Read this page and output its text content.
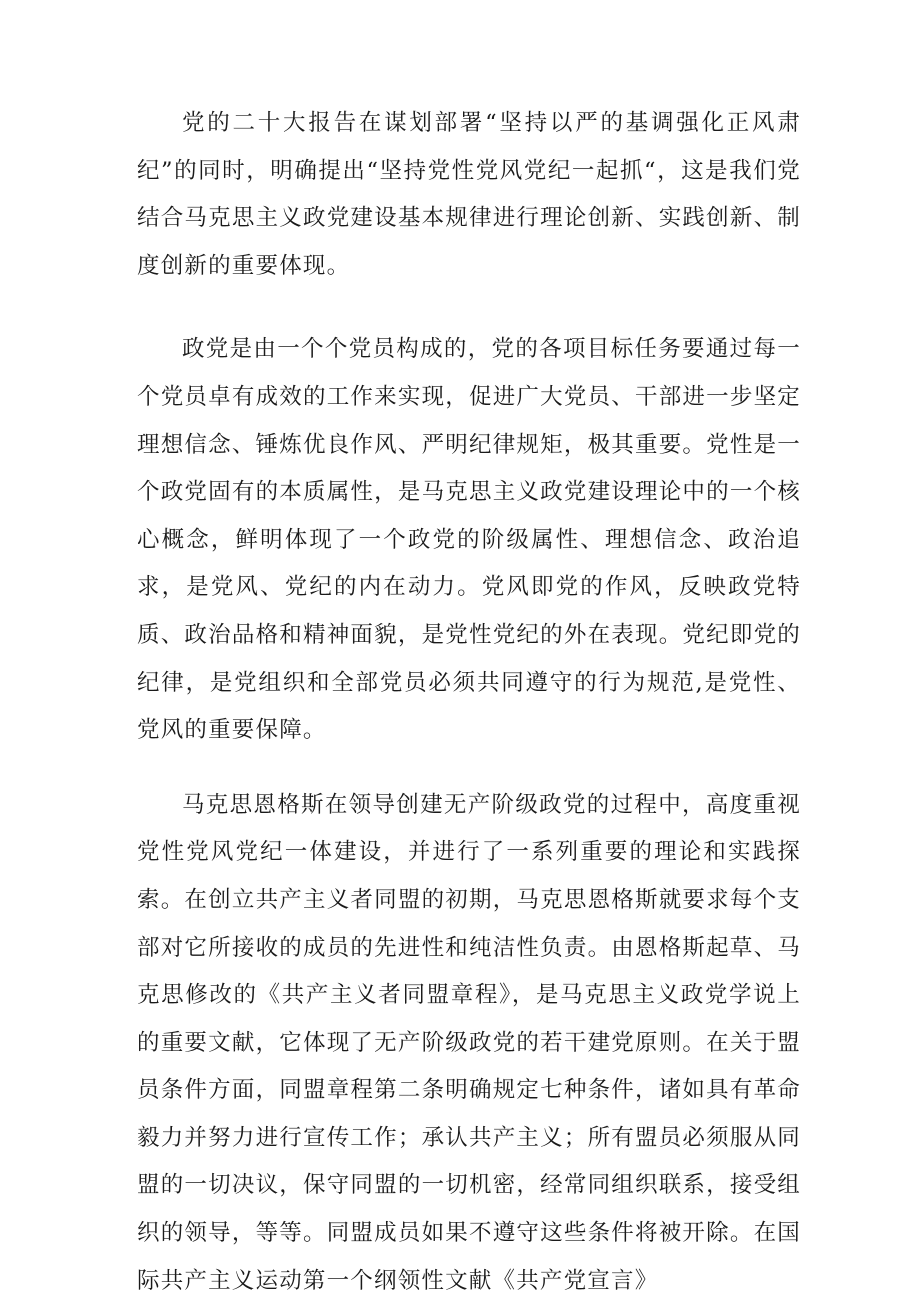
党的二十大报告在谋划部署“坚持以严的基调强化正风肃纪”的同时，明确提出“坚持党性党风党纪一起抓“，这是我们党结合马克思主义政党建设基本规律进行理论创新、实践创新、制度创新的重要体现。

政党是由一个个党员构成的，党的各项目标任务要通过每一个党员卓有成效的工作来实现，促进广大党员、干部进一步坚定理想信念、锤炼优良作风、严明纪律规矩，极其重要。党性是一个政党固有的本质属性，是马克思主义政党建设理论中的一个核心概念，鲜明体现了一个政党的阶级属性、理想信念、政治追求，是党风、党纪的内在动力。党风即党的作风，反映政党特质、政治品格和精神面貌，是党性党纪的外在表现。党纪即党的纪律，是党组织和全部党员必须共同遵守的行为规范,是党性、党风的重要保障。

马克思恩格斯在领导创建无产阶级政党的过程中，高度重视党性党风党纪一体建设，并进行了一系列重要的理论和实践探索。在创立共产主义者同盟的初期，马克思恩格斯就要求每个支部对它所接收的成员的先进性和纯洁性负责。由恩格斯起草、马克思修改的《共产主义者同盟章程》，是马克思主义政党学说上的重要文献，它体现了无产阶级政党的若干建党原则。在关于盟员条件方面，同盟章程第二条明确规定七种条件，诸如具有革命毅力并努力进行宣传工作；承认共产主义；所有盟员必须服从同盟的一切决议，保守同盟的一切机密，经常同组织联系，接受组织的领导，等等。同盟成员如果不遵守这些条件将被开除。在国际共产主义运动第一个纲领性文献《共产党宣言》
